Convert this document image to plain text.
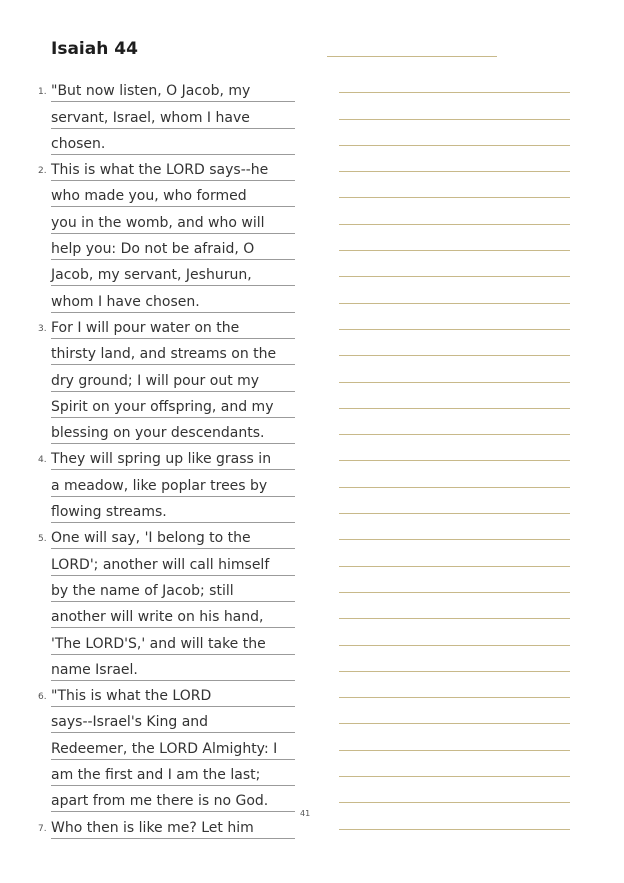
Isaiah 44
1. "But now listen, O Jacob, my
servant, Israel, whom I have
chosen.
2. This is what the LORD says--he
who made you, who formed
you in the womb, and who will
help you: Do not be afraid, O
Jacob, my servant, Jeshurun,
whom I have chosen.
3. For I will pour water on the
thirsty land, and streams on the
dry ground; I will pour out my
Spirit on your offspring, and my
blessing on your descendants.
4. They will spring up like grass in
a meadow, like poplar trees by
flowing streams.
5. One will say, 'I belong to the
LORD'; another will call himself
by the name of Jacob; still
another will write on his hand,
'The LORD'S,' and will take the
name Israel.
6. "This is what the LORD
says--Israel's King and
Redeemer, the LORD Almighty: I
am the first and I am the last;
apart from me there is no God.
7. Who then is like me? Let him
41
